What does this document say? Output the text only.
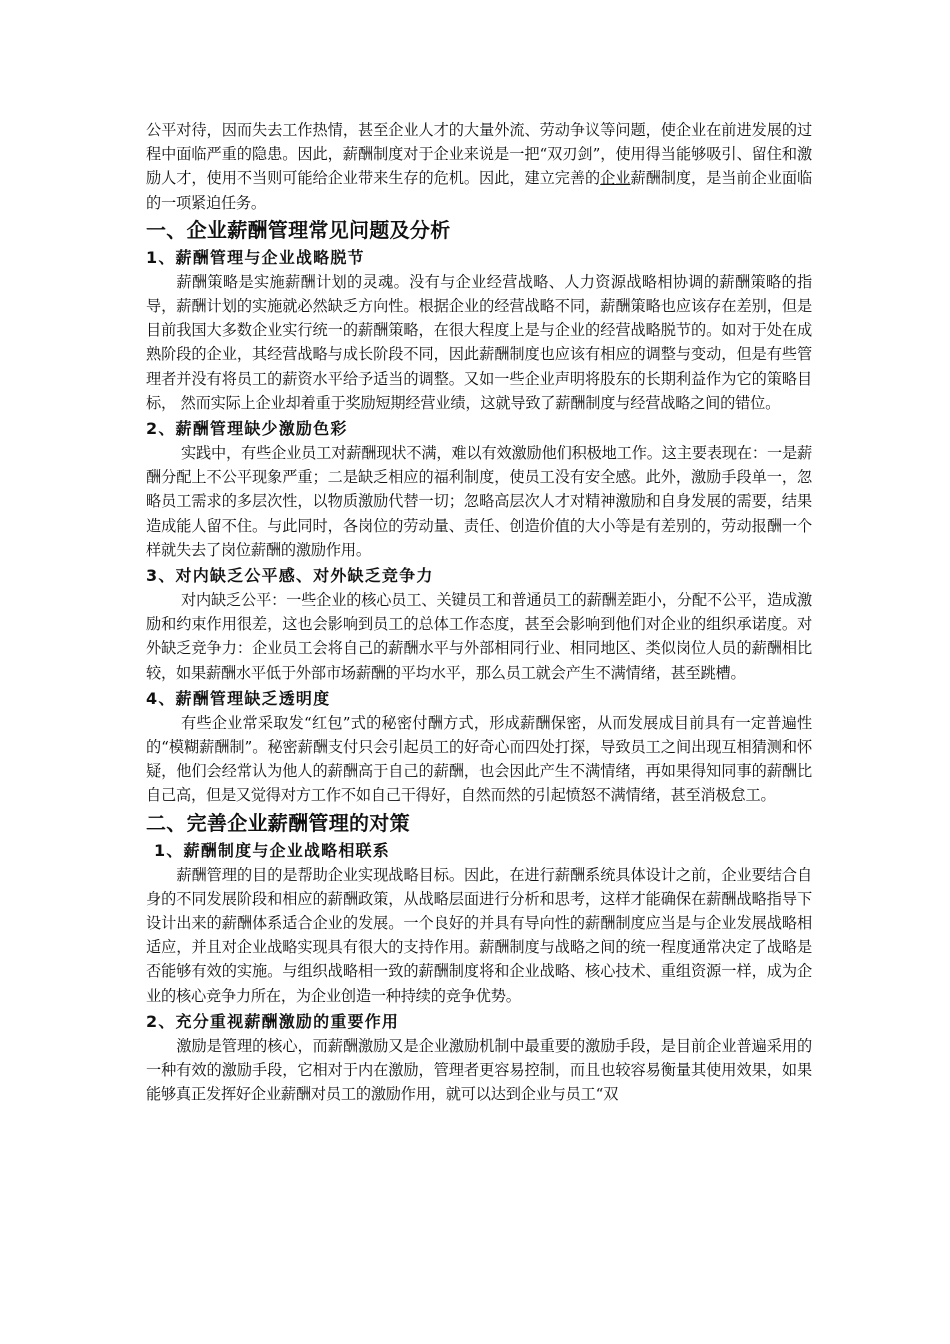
公平对待，因而失去工作热情，甚至企业人才的大量外流、劳动争议等问题，使企业在前进发展的过程中面临严重的隐患。因此，薪酬制度对于企业来说是一把“双刃剑”，使用得当能够吸引、留住和激励人才，使用不当则可能给企业带来生存的危机。因此，建立完善的企业薪酬制度，是当前企业面临的一项紧迫任务。

一、企业薪酬管理常见问题及分析
1、薪酬管理与企业战略脱节

薪酬策略是实施薪酬计划的灵魂。没有与企业经营战略、人力资源战略相协调的薪酬策略的指导，薪酬计划的实施就必然缺乏方向性。根据企业的经营战略不同，薪酬策略也应该存在差别，但是目前我国大多数企业实行统一的薪酬策略，在很大程度上是与企业的经营战略脱节的。如对于处在成熟阶段的企业，其经营战略与成长阶段不同，因此薪酬制度也应该有相应的调整与变动，但是有些管理者并没有将员工的薪资水平给予适当的调整。又如一些企业声明将股东的长期利益作为它的策略目标， 然而实际上企业却着重于奖励短期经营业绩，这就导致了薪酬制度与经营战略之间的错位。

2、薪酬管理缺少激励色彩

实践中，有些企业员工对薪酬现状不满，难以有效激励他们积极地工作。这主要表现在：一是薪酬分配上不公平现象严重；二是缺乏相应的福利制度，使员工没有安全感。此外，激励手段单一，忽略员工需求的多层次性，以物质激励代替一切；忽略高层次人才对精神激励和自身发展的需要，结果造成能人留不住。与此同时，各岗位的劳动量、责任、创造价值的大小等是有差别的，劳动报酬一个样就失去了岗位薪酬的激励作用。

3、对内缺乏公平感、对外缺乏竞争力

对内缺乏公平：一些企业的核心员工、关键员工和普通员工的薪酬差距小，分配不公平，造成激励和约束作用很差，这也会影响到员工的总体工作态度，甚至会影响到他们对企业的组织承诺度。对外缺乏竞争力：企业员工会将自己的薪酬水平与外部相同行业、相同地区、类似岗位人员的薪酬相比较，如果薪酬水平低于外部市场薪酬的平均水平，那么员工就会产生不满情绪，甚至跳槽。

4、薪酬管理缺乏透明度

有些企业常采取发“红包”式的秘密付酬方式，形成薪酬保密，从而发展成目前具有一定普遍性的“模糊薪酬制”。秘密薪酬支付只会引起员工的好奇心而四处打探，导致员工之间出现互相猜测和怀疑，他们会经常认为他人的薪酬高于自己的薪酬，也会因此产生不满情绪，再如果得知同事的薪酬比自己高，但是又觉得对方工作不如自己干得好，自然而然的引起愤怒不满情绪，甚至消极怠工。

二、完善企业薪酬管理的对策
1、薪酬制度与企业战略相联系

薪酬管理的目的是帮助企业实现战略目标。因此，在进行薪酬系统具体设计之前，企业要结合自身的不同发展阶段和相应的薪酬政策，从战略层面进行分析和思考，这样才能确保在薪酬战略指导下设计出来的薪酬体系适合企业的发展。一个良好的并具有导向性的薪酬制度应当是与企业发展战略相适应，并且对企业战略实现具有很大的支持作用。薪酬制度与战略之间的统一程度通常决定了战略是否能够有效的实施。与组织战略相一致的薪酬制度将和企业战略、核心技术、重组资源一样，成为企业的核心竞争力所在，为企业创造一种持续的竞争优势。

2、充分重视薪酬激励的重要作用

激励是管理的核心，而薪酬激励又是企业激励机制中最重要的激励手段，是目前企业普遍采用的一种有效的激励手段，它相对于内在激励，管理者更容易控制，而且也较容易衡量其使用效果，如果能够真正发挥好企业薪酬对员工的激励作用，就可以达到企业与员工“双
